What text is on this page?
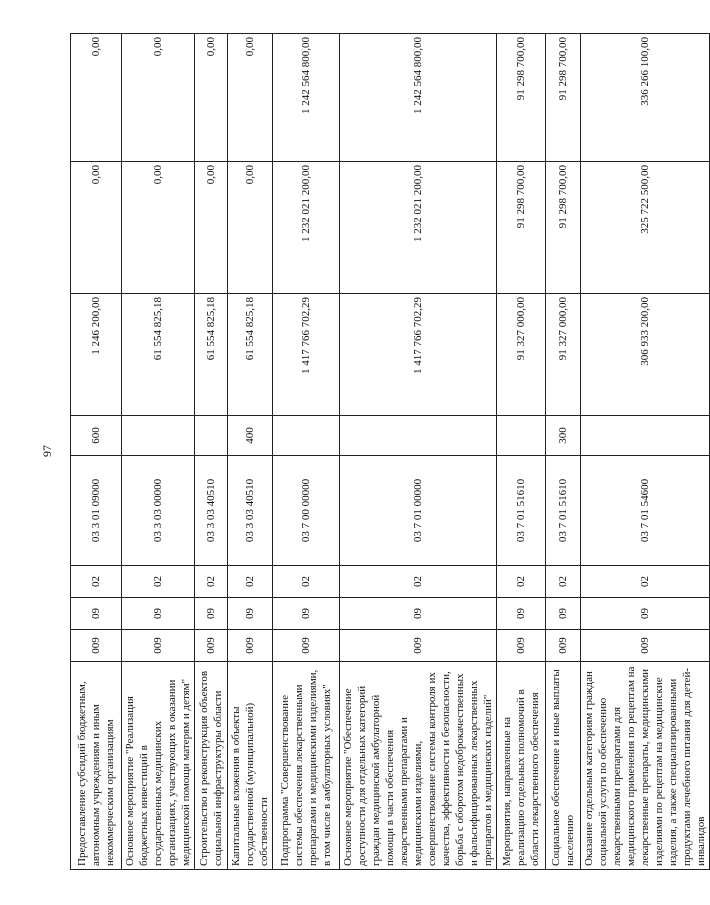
97
Предоставление субсидий бюджетным, автономным учреждениям и иным некоммерческим организациям	009	09	02	03 3 01 09000	600	1 246 200,00	0,00	0,00
Основное мероприятие "Реализация бюджетных инвестиций в государственных медицинских организациях, участвующих в оказании медицинской помощи матерям и детям"	009	09	02	03 3 03 00000		61 554 825,18	0,00	0,00
Строительство и реконструкция объектов социальной инфраструктуры области	009	09	02	03 3 03 40510		61 554 825,18	0,00	0,00
Капитальные вложения в объекты государственной (муниципальной) собственности	009	09	02	03 3 03 40510	400	61 554 825,18	0,00	0,00
Подпрограмма "Совершенствование системы обеспечения лекарственными препаратами и медицинскими изделиями, в том числе в амбулаторных условиях"	009	09	02	03 7 00 00000		1 417 766 702,29	1 232 021 200,00	1 242 564 800,00
Основное мероприятие "Обеспечение доступности для отдельных категорий граждан медицинской амбулаторной помощи в части обеспечения лекарственными препаратами и медицинскими изделиями, совершенствование системы контроля их качества, эффективности и безопасности, борьба с оборотом недоброкачественных и фальсифицированных лекарственных препаратов и медицинских изделий"	009	09	02	03 7 01 00000		1 417 766 702,29	1 232 021 200,00	1 242 564 800,00
Мероприятия, направленные на реализацию отдельных полномочий в области лекарственного обеспечения	009	09	02	03 7 01 51610		91 327 000,00	91 298 700,00	91 298 700,00
Социальное обеспечение и иные выплаты населению	009	09	02	03 7 01 51610	300	91 327 000,00	91 298 700,00	91 298 700,00
Оказание отдельным категориям граждан социальной услуги по обеспечению лекарственными препаратами для медицинского применения по рецептам на лекарственные препараты, медицинскими изделиями по рецептам на медицинские изделия, а также специализированными продуктами лечебного питания для детей-инвалидов	009	09	02	03 7 01 54600		306 933 200,00	325 722 500,00	336 266 100,00
